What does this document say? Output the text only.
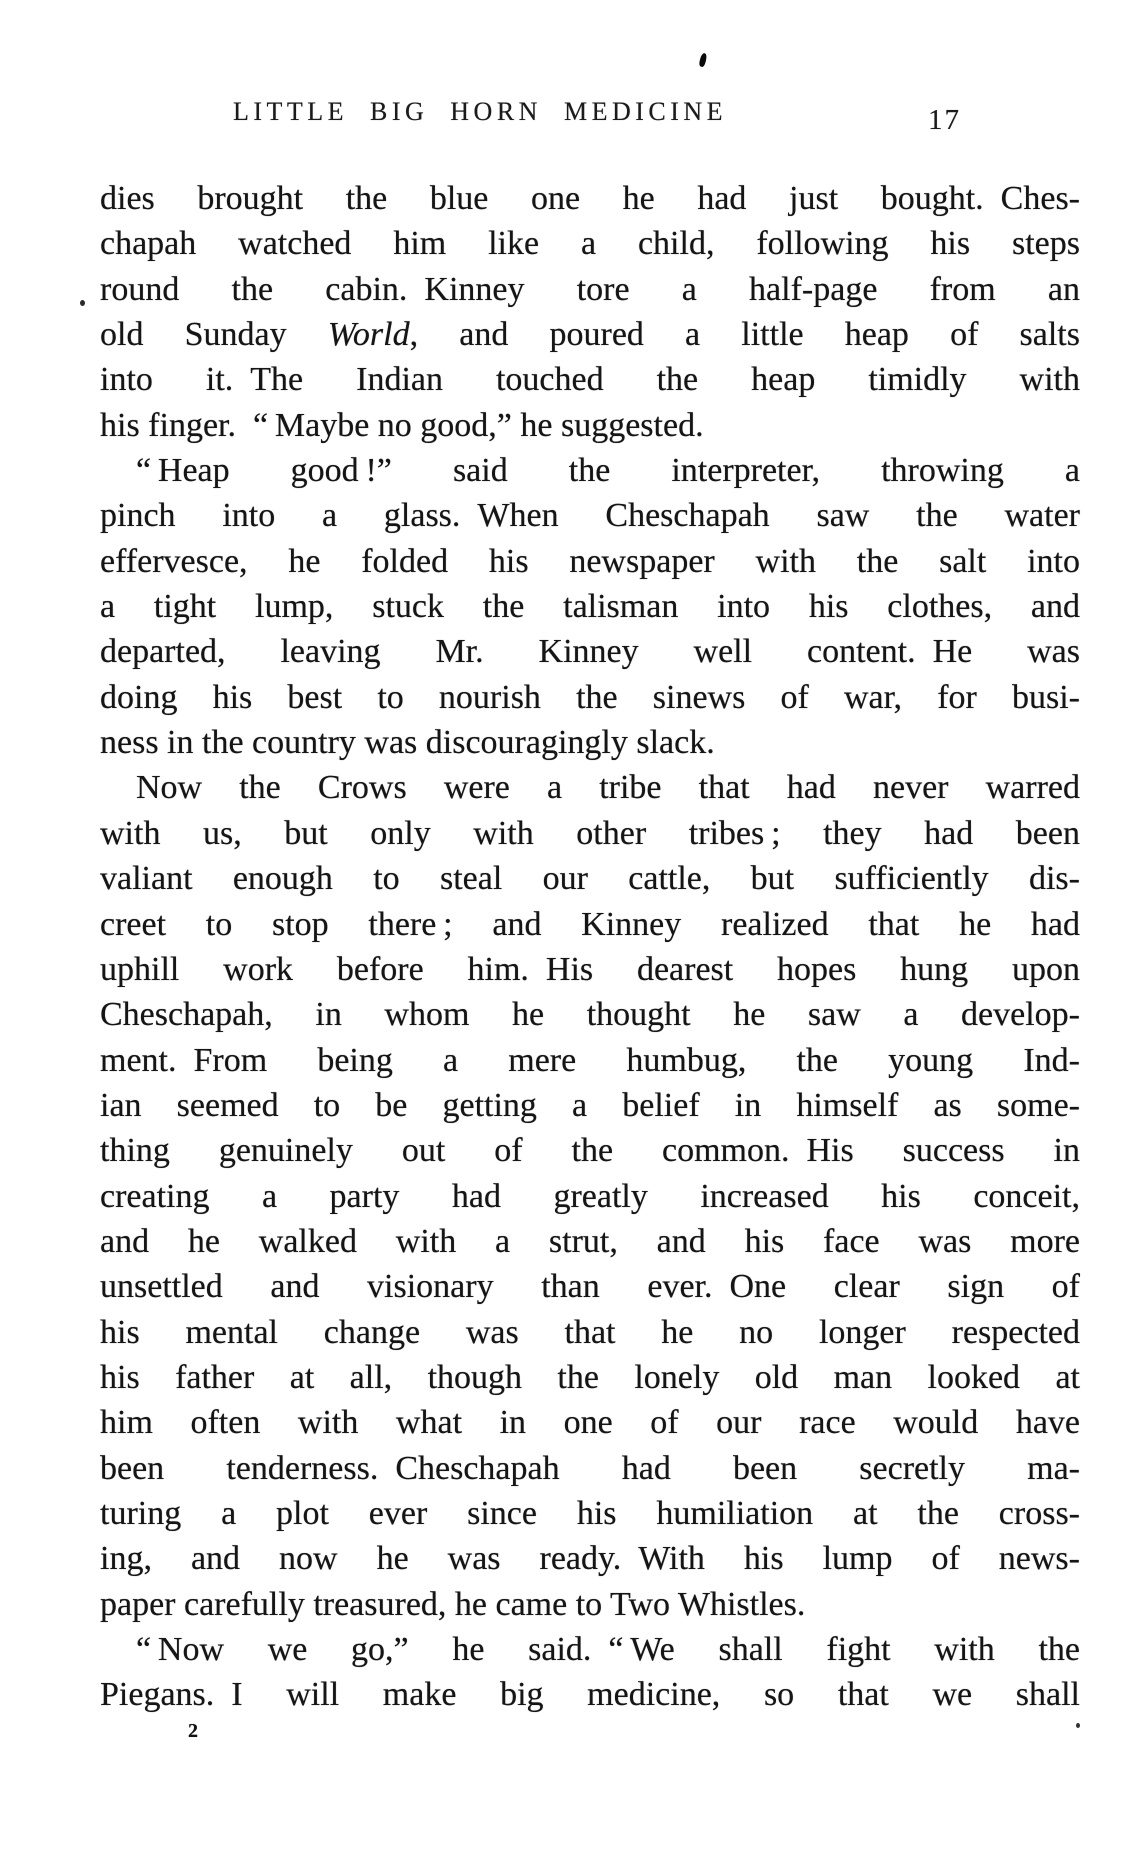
LITTLE BIG HORN MEDICINE	17
dies brought the blue one he had just bought. Ches-
chapah watched him like a child, following his steps
round the cabin. Kinney tore a half-page from an
old Sunday World, and poured a little heap of salts
into it. The Indian touched the heap timidly with
his finger. “ Maybe no good,” he suggested.
“ Heap good !” said the interpreter, throwing a
pinch into a glass. When Cheschapah saw the water
effervesce, he folded his newspaper with the salt into
a tight lump, stuck the talisman into his clothes, and
departed, leaving Mr. Kinney well content. He was
doing his best to nourish the sinews of war, for busi-
ness in the country was discouragingly slack.
Now the Crows were a tribe that had never warred
with us, but only with other tribes ; they had been
valiant enough to steal our cattle, but sufficiently dis-
creet to stop there ; and Kinney realized that he had
uphill work before him. His dearest hopes hung upon
Cheschapah, in whom he thought he saw a develop-
ment. From being a mere humbug, the young Ind-
ian seemed to be getting a belief in himself as some-
thing genuinely out of the common. His success in
creating a party had greatly increased his conceit,
and he walked with a strut, and his face was more
unsettled and visionary than ever. One clear sign of
his mental change was that he no longer respected
his father at all, though the lonely old man looked at
him often with what in one of our race would have
been tenderness. Cheschapah had been secretly ma-
turing a plot ever since his humiliation at the cross-
ing, and now he was ready. With his lump of news-
paper carefully treasured, he came to Two Whistles.
“ Now we go,” he said. “ We shall fight with the
Piegans. I will make big medicine, so that we shall
2
